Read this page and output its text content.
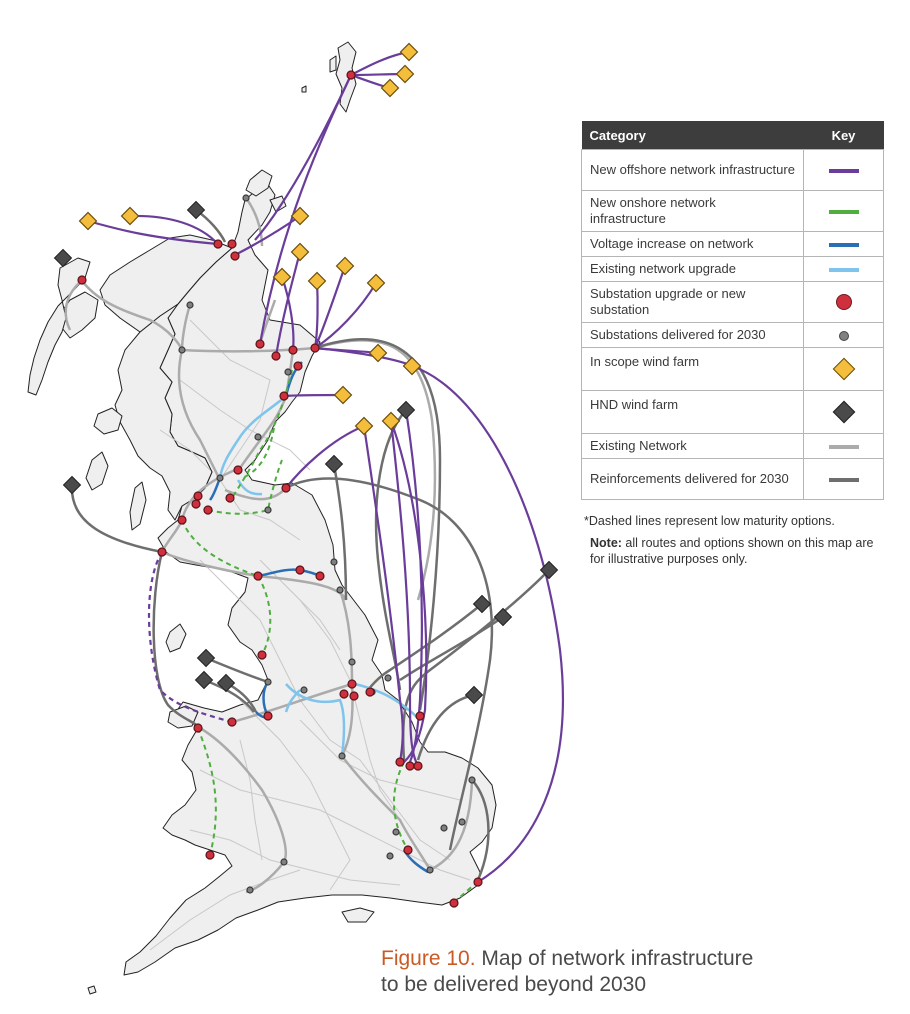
Category	Key
New offshore network infrastructure	
New onshore network infrastructure	
Voltage increase on network	
Existing network upgrade	
Substation upgrade or new substation	
Substations delivered for 2030	
In scope wind farm	
HND wind farm	
Existing Network	
Reinforcements delivered for 2030	

*Dashed lines represent low maturity options.

Note: all routes and options shown on this map are for illustrative purposes only.

Figure 10. Map of network infrastructure
to be delivered beyond 2030
